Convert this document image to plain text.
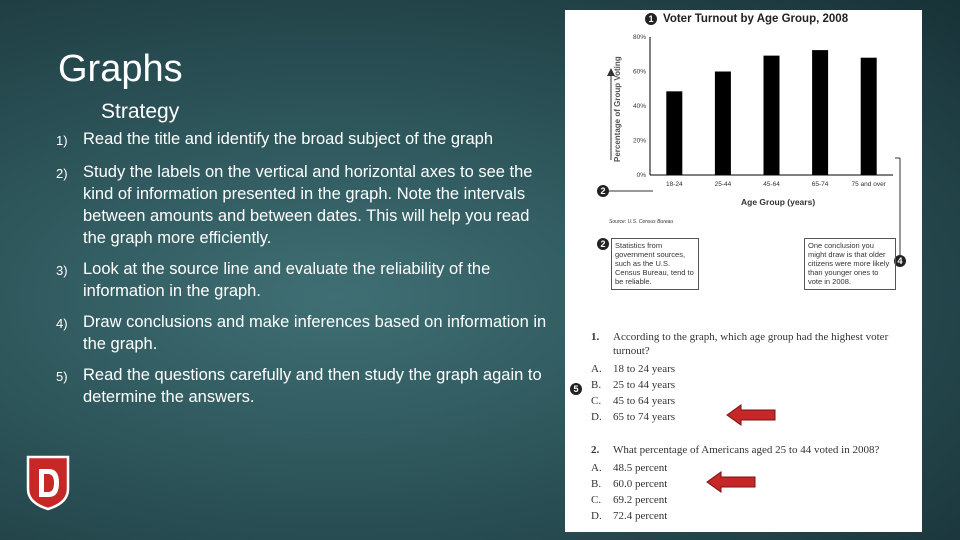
Graphs
Strategy
1) Read the title and identify the broad subject of the graph
2) Study the labels on the vertical and horizontal axes to see the kind of information presented in the graph. Note the intervals between amounts and between dates. This will help you read the graph more efficiently.
3) Look at the source line and evaluate the reliability of the information in the graph.
4) Draw conclusions and make inferences based on information in the graph.
5) Read the questions carefully and then study the graph again to determine the answers.
Voter Turnout by Age Group, 2008
0%
20%
40%
60%
80%
18-24	25-44	45-64	65-74	75 and over
Percentage of Group Voting
Age Group (years)
Source: U.S. Census Bureau
1
2
2
4
5
Statistics from government sources, such as the U.S. Census Bureau, tend to be reliable.
One conclusion you might draw is that older citizens were more likely than younger ones to vote in 2008.
1.	According to the graph, which age group had the highest voter turnout?
A. 18 to 24 years
B. 25 to 44 years
C. 45 to 64 years
D. 65 to 74 years
2.	What percentage of Americans aged 25 to 44 voted in 2008?
A. 48.5 percent
B. 60.0 percent
C. 69.2 percent
D. 72.4 percent
